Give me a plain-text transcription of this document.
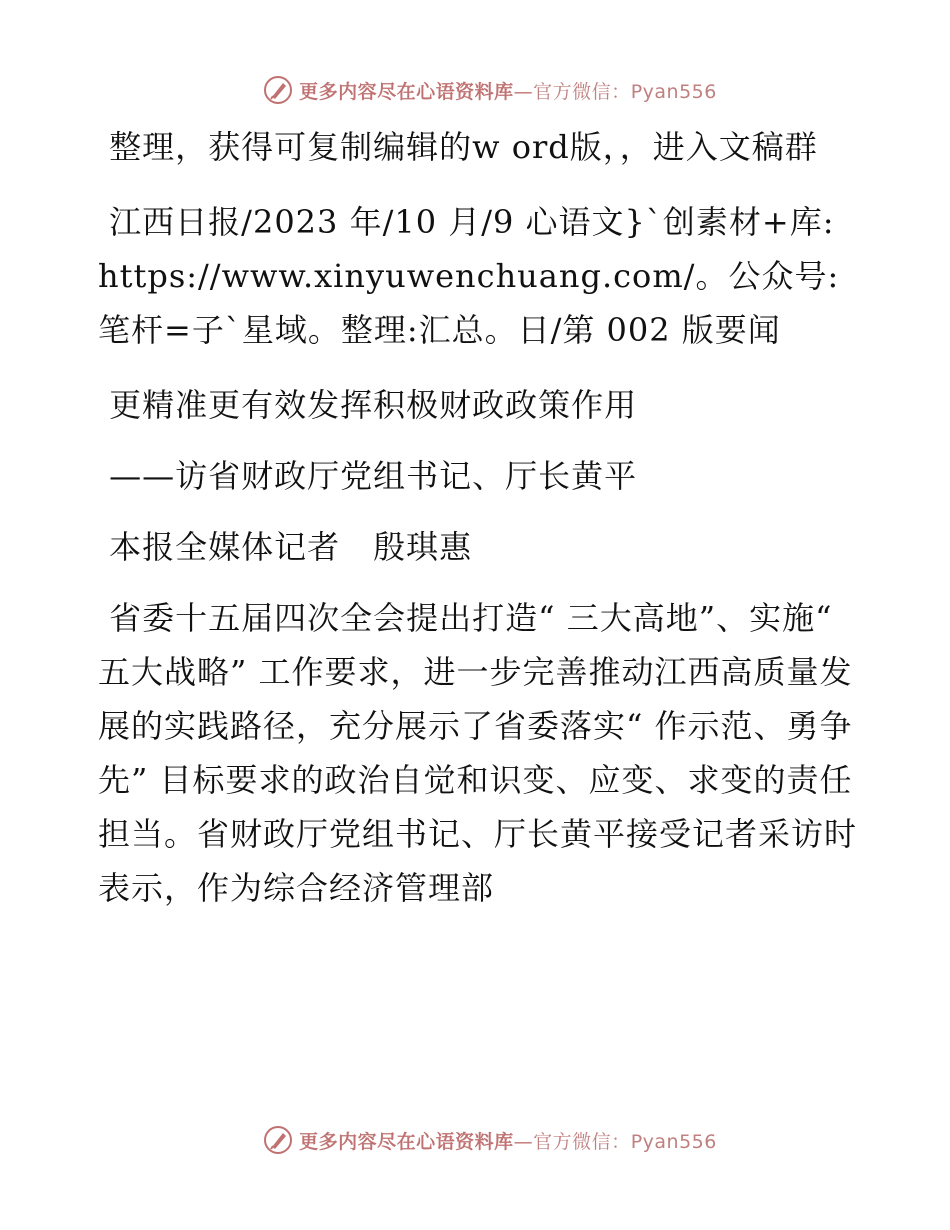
更多内容尽在心语资料库—官方微信：Pyan556

整理，获得可复制编辑的w ord版，，进入文稿群

江西日报/2023 年/10 月/9 心语文}`创素材+库: https://www.xinyuwenchuang.com/。公众号: 笔杆=子`星域。整理:汇总。日/第 002 版要闻

更精准更有效发挥积极财政政策作用

——访省财政厅党组书记、厅长黄平

本报全媒体记者　殷琪惠

省委十五届四次全会提出打造“ 三大高地”、实施“ 五大战略” 工作要求，进一步完善推动江西高质量发展的实践路径，充分展示了省委落实“ 作示范、勇争先” 目标要求的政治自觉和识变、应变、求变的责任担当。省财政厅党组书记、厅长黄平接受记者采访时表示，作为综合经济管理部

更多内容尽在心语资料库—官方微信：Pyan556
